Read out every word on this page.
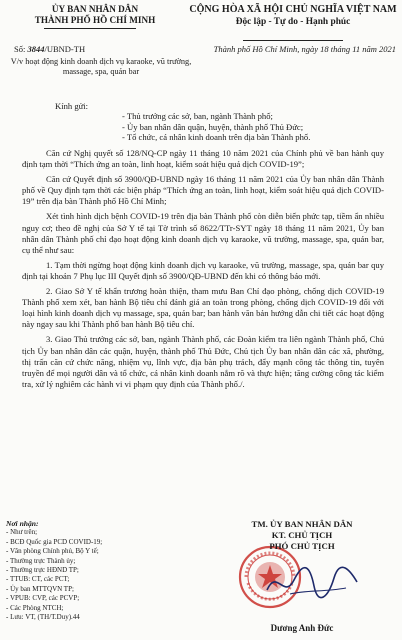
ỦY BAN NHÂN DÂN
THÀNH PHỐ HỒ CHÍ MINH
CỘNG HÒA XÃ HỘI CHỦ NGHĨA VIỆT NAM
Độc lập - Tự do - Hạnh phúc
Số: 3844/UBND-TH
V/v hoạt động kinh doanh dịch vụ karaoke, vũ trường, massage, spa, quán bar
Thành phố Hồ Chí Minh, ngày 18 tháng 11 năm 2021
Kính gửi:
- Thủ trưởng các sở, ban, ngành Thành phố;
- Ủy ban nhân dân quận, huyện, thành phố Thủ Đức;
- Tổ chức, cá nhân kinh doanh trên địa bàn Thành phố.

Căn cứ Nghị quyết số 128/NQ-CP ngày 11 tháng 10 năm 2021 của Chính phủ về ban hành quy định tạm thời “Thích ứng an toàn, linh hoạt, kiểm soát hiệu quả dịch COVID-19”;

Căn cứ Quyết định số 3900/QĐ-UBND ngày 16 tháng 11 năm 2021 của Ủy ban nhân dân Thành phố về Quy định tạm thời các biện pháp “Thích ứng an toàn, linh hoạt, kiểm soát hiệu quả dịch COVID-19” trên địa bàn Thành phố Hồ Chí Minh;

Xét tình hình dịch bệnh COVID-19 trên địa bàn Thành phố còn diễn biến phức tạp, tiềm ẩn nhiều nguy cơ; theo đề nghị của Sở Y tế tại Tờ trình số 8622/TTr-SYT ngày 18 tháng 11 năm 2021, Ủy ban nhân dân Thành phố chỉ đạo hoạt động kinh doanh dịch vụ karaoke, vũ trường, massage, spa, quán bar, cụ thể như sau:

1. Tạm thời ngừng hoạt động kinh doanh dịch vụ karaoke, vũ trường, massage, spa, quán bar quy định tại khoản 7 Phụ lục III Quyết định số 3900/QĐ-UBND đến khi có thông báo mới.

2. Giao Sở Y tế khẩn trương hoàn thiện, tham mưu Ban Chỉ đạo phòng, chống dịch COVID-19 Thành phố xem xét, ban hành Bộ tiêu chí đánh giá an toàn trong phòng, chống dịch COVID-19 đối với loại hình kinh doanh dịch vụ massage, spa, quán bar; ban hành văn bản hướng dẫn chi tiết các hoạt động này ngay sau khi Thành phố ban hành Bộ tiêu chí.

3. Giao Thủ trưởng các sở, ban, ngành Thành phố, các Đoàn kiểm tra liên ngành Thành phố, Chủ tịch Ủy ban nhân dân các quận, huyện, thành phố Thủ Đức, Chủ tịch Ủy ban nhân dân các xã, phường, thị trấn căn cứ chức năng, nhiệm vụ, lĩnh vực, địa bàn phụ trách, đẩy mạnh công tác thông tin, tuyên truyền để mọi người dân và tổ chức, cá nhân kinh doanh nắm rõ và thực hiện; tăng cường công tác kiểm tra, xử lý nghiêm các hành vi vi phạm quy định của Thành phố./.

Nơi nhận:
- Như trên;
- BCĐ Quốc gia PCD COVID-19;
- Văn phòng Chính phủ, Bộ Y tế;
- Thường trực Thành ủy;
- Thường trực HĐND TP;
- TTUB: CT, các PCT;
- Ủy ban MTTQVN TP;
- VPUB: CVP, các PCVP;
- Các Phòng NTCH;
- Lưu: VT, (TH/T.Duy).44
TM. ỦY BAN NHÂN DÂN
KT. CHỦ TỊCH
PHÓ CHỦ TỊCH
Dương Anh Đức
